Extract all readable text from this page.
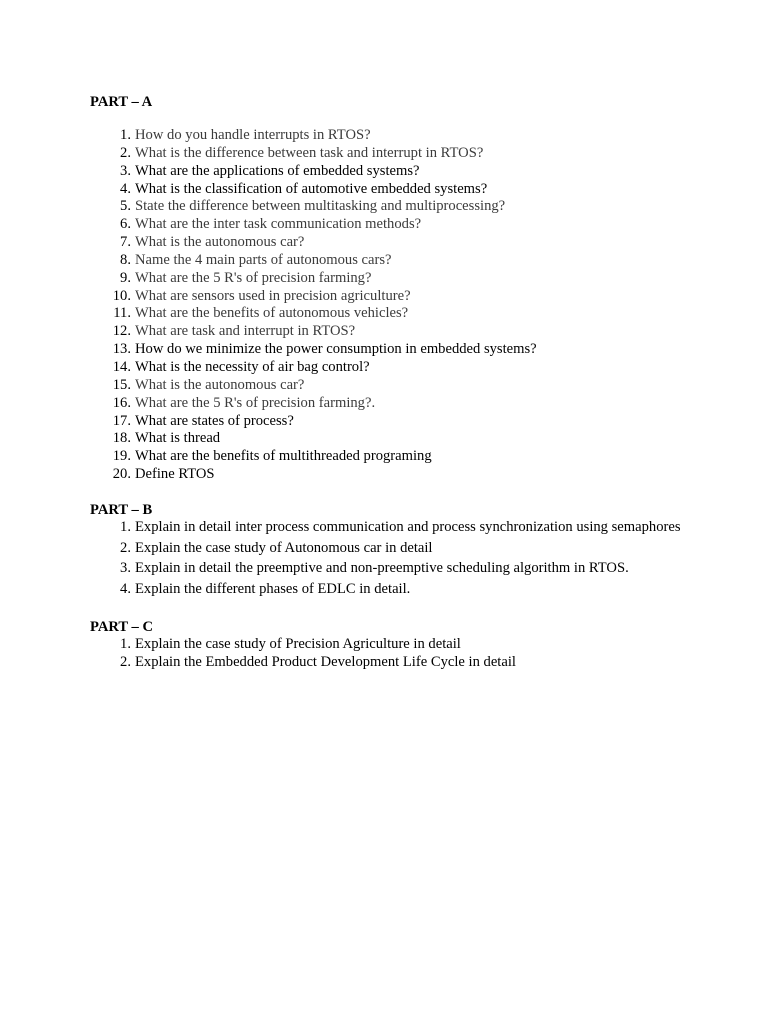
PART – A
1. How do you handle interrupts in RTOS?
2. What is the difference between task and interrupt in RTOS?
3. What are the applications of embedded systems?
4. What is the classification of automotive embedded systems?
5. State the difference between multitasking and multiprocessing?
6. What are the inter task communication methods?
7. What is the autonomous car?
8. Name the 4 main parts of autonomous cars?
9. What are the 5 R's of precision farming?
10. What are sensors used in precision agriculture?
11. What are the benefits of autonomous vehicles?
12. What are task and interrupt in RTOS?
13. How do we minimize the power consumption in embedded systems?
14. What is the necessity of air bag control?
15. What is the autonomous car?
16. What are the 5 R's of precision farming?.
17. What are states of process?
18. What is thread
19. What are the benefits of multithreaded programing
20. Define RTOS
PART – B
1. Explain in detail inter process communication and process synchronization using semaphores
2. Explain the case study of Autonomous car in detail
3. Explain in detail the preemptive and non-preemptive scheduling algorithm in RTOS.
4. Explain the different phases of EDLC in detail.
PART – C
1. Explain the case study of Precision Agriculture in detail
2. Explain the Embedded Product Development Life Cycle in detail
